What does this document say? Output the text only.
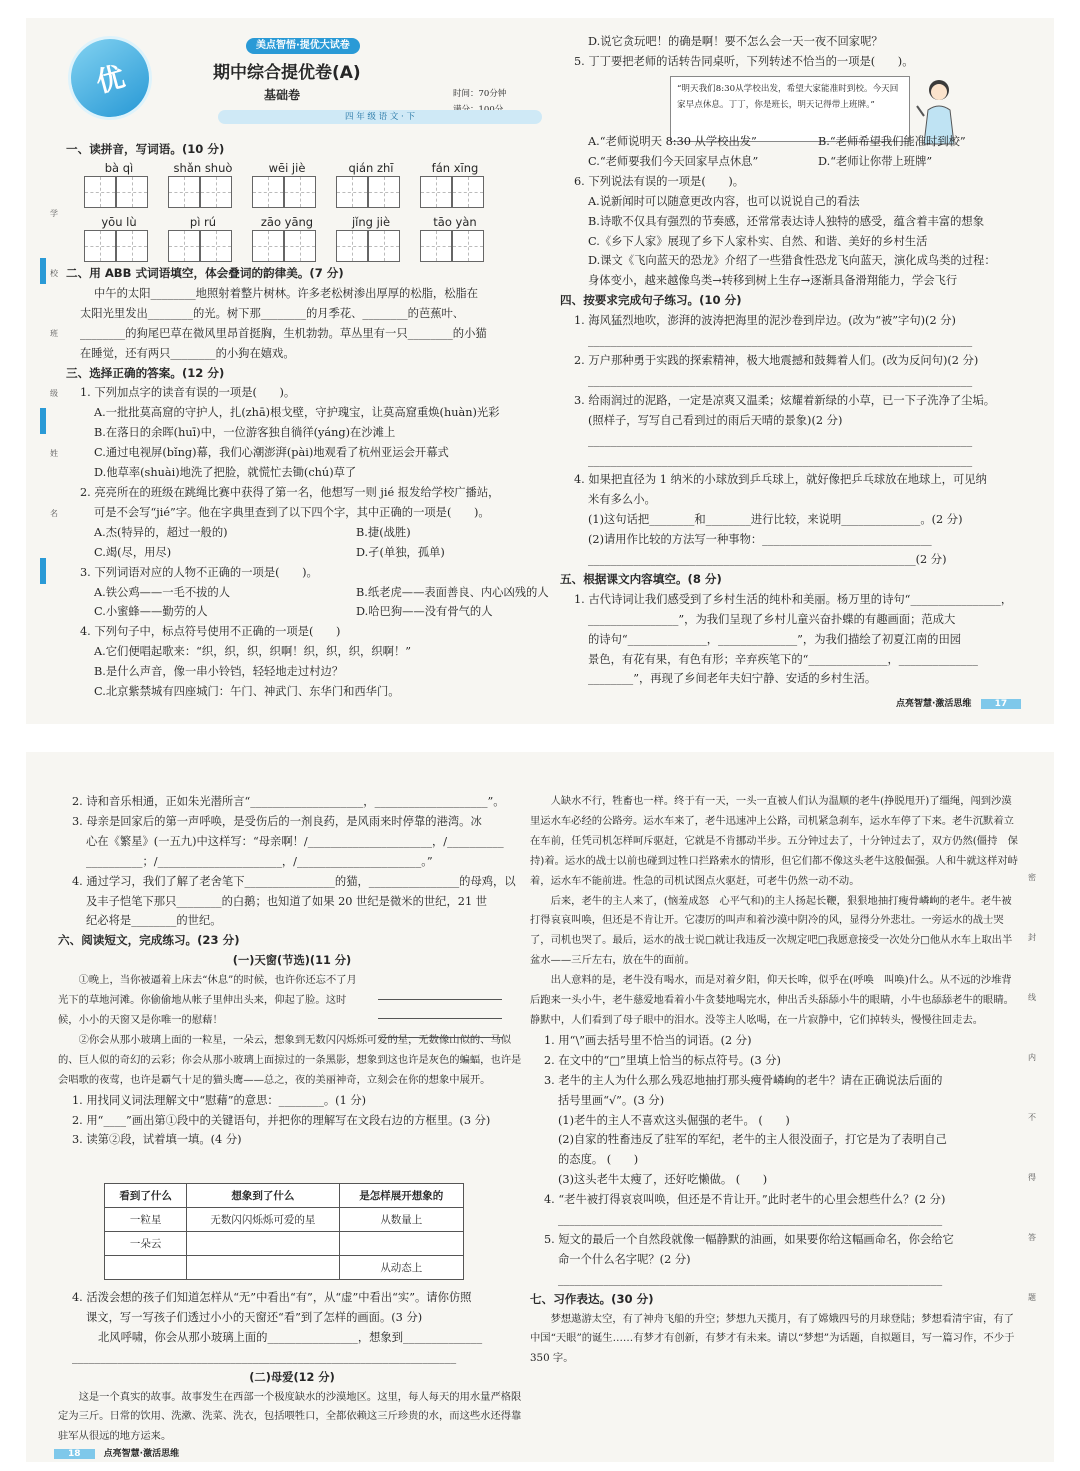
优
美点智悟·提优大试卷
期中综合提优卷(A)
基础卷	时间：70分钟
四 年 级 语 文 · 下
学
校
班
级
姓
名

一、读拼音，写词语。(10 分)

bà qì	shǎn shuò	wēi jiè	qián zhī	fán xīng
yōu lù	pì rú	zāo yāng	jǐng jiè	tāo yàn

二、用 ABB 式词语填空，体会叠词的韵律美。(7 分)

中午的太阳________地照射着整片树林。许多老松树渗出厚厚的松脂，松脂在

太阳光里发出________的光。树下那________的月季花、________的芭蕉叶、

________的狗尾巴草在微风里昂首挺胸，生机勃勃。草丛里有一只________的小猫

在睡觉，还有两只________的小狗在嬉戏。

三、选择正确的答案。(12 分)

1. 下列加点字的读音有误的一项是(　　)。

A.一批批莫高窟的守护人，扎(zhā)根戈壁，守护瑰宝，让莫高窟重焕(huàn)光彩

B.在落日的余晖(huī)中，一位游客独自徜徉(yáng)在沙滩上

C.通过电视屏(bǐng)幕，我们心潮澎湃(pài)地观看了杭州亚运会开幕式

D.他草率(shuài)地洗了把脸，就慌忙去锄(chú)草了

2. 亮亮所在的班级在跳绳比赛中获得了第一名，他想写一则 jié 报发给学校广播站，

可是不会写“jié”字。他在字典里查到了以下四个字，其中正确的一项是(　　)。

A.杰(特异的，超过一般的)	B.捷(战胜)

C.竭(尽，用尽)	D.孑(单独，孤单)

3. 下列词语对应的人物不正确的一项是(　　)。

A.铁公鸡——一毛不拔的人	B.纸老虎——表面善良、内心凶残的人

C.小蜜蜂——勤劳的人	D.哈巴狗——没有骨气的人

4. 下列句子中，标点符号使用不正确的一项是(　　)

A.它们便唱起歌来：“织，织，织，织啊！织，织，织，织啊！”

B.是什么声音，像一串小铃铛，轻轻地走过村边？

C.北京紫禁城有四座城门：午门、神武门、东华门和西华门。

D.说它贪玩吧！的确是啊！要不怎么会一天一夜不回家呢？

5. 丁丁要把老师的话转告同桌听，下列转述不恰当的一项是(　　)。

“明天我们8:30从学校出发，希望大家能准时到校。今天回家早点休息。丁丁，你是班长，明天记得带上班牌。”

A.“老师说明天 8:30 从学校出发”	B.“老师希望我们能准时到校”

C.“老师要我们今天回家早点休息”	D.“老师让你带上班牌”

6. 下列说法有误的一项是(　　)。

A.说新闻时可以随意更改内容，也可以说说自己的看法

B.诗歌不仅具有强烈的节奏感，还常常表达诗人独特的感受，蕴含着丰富的想象

C.《乡下人家》展现了乡下人家朴实、自然、和谐、美好的乡村生活

D.课文《飞向蓝天的恐龙》介绍了一些猎食性恐龙飞向蓝天，演化成鸟类的过程：

身体变小，越来越像鸟类→转移到树上生存→逐渐具备滑翔能力，学会飞行

四、按要求完成句子练习。(10 分)

1. 海风猛烈地吹，澎湃的波涛把海里的泥沙卷到岸边。(改为“被”字句)(2 分)

____________________________________________________________________

2. 万户那种勇于实践的探索精神，极大地震撼和鼓舞着人们。(改为反问句)(2 分)

____________________________________________________________________

3. 给雨润过的泥路，一定是凉爽又温柔；炫耀着新绿的小草，已一下子洗净了尘垢。

(照样子，写写自己看到过的雨后天晴的景象)(2 分)

____________________________________________________________________

____________________________________________________________________

4. 如果把直径为 1 纳米的小球放到乒乓球上，就好像把乒乓球放在地球上，可见纳

米有多么小。

(1)这句话把________和________进行比较，来说明______________。(2 分)

(2)请用作比较的方法写一种事物：______________________________

__________________________________________________________(2 分)

五、根据课文内容填空。(8 分)

1. 古代诗词让我们感受到了乡村生活的纯朴和美丽。杨万里的诗句“________________，

________________”，为我们呈现了乡村儿童兴奋扑蝶的有趣画面；范成大

的诗句“______________，______________”，为我们描绘了初夏江南的田园

景色，有花有果，有色有形；辛弃疾笔下的“______________，______________

________”，再现了乡间老年夫妇宁静、安适的乡村生活。

点亮智慧·激活思维	17

2. 诗和音乐相通，正如朱光潜所言“____________________，____________________”。

3. 母亲是回家后的第一声呼唤，是受伤后的一剂良药，是风雨来时停靠的港湾。冰

心在《繁星》(一五九)中这样写：“母亲啊！/______________________，/__________

__________；/______________________，/______________________。”

4. 通过学习，我们了解了老舍笔下________________的猫，________________的母鸡，以

及丰子恺笔下那只________的白鹅；也知道了如果 20 世纪是微米的世纪，21 世

纪必将是________的世纪。

六、阅读短文，完成练习。(23 分)

(一)天窗(节选)(11 分)

①晚上，当你被逼着上床去“休息”的时候，也许你还忘不了月光下的草地河滩。你偷偷地从帐子里伸出头来，仰起了脸。这时候，小小的天窗又是你唯一的慰藉！

②你会从那小玻璃上面的一粒星，一朵云，想象到无数闪闪烁烁可爱的星，无数像山似的、马似的、巨人似的奇幻的云彩；你会从那小玻璃上面掠过的一条黑影，想象到这也许是灰色的蝙蝠，也许是会唱歌的夜莺，也许是霸气十足的猫头鹰——总之，夜的美丽神奇，立刻会在你的想象中展开。

1. 用找同义词法理解文中“慰藉”的意思：________。(1 分)

2. 用“____”画出第①段中的关键语句，并把你的理解写在文段右边的方框里。(3 分)

3. 读第②段，试着填一填。(4 分)

看到了什么	想象到了什么	是怎样展开想象的
一粒星	无数闪闪烁烁可爱的星	从数量上
一朵云		
		从动态上

4. 活泼会想的孩子们知道怎样从“无”中看出“有”，从“虚”中看出“实”。请你仿照

课文，写一写孩子们透过小小的天窗还“看”到了怎样的画面。(3 分)

北风呼啸，你会从那小玻璃上面的________________，想象到______________

____________________________________________________________________

(二)母爱(12 分)

这是一个真实的故事。故事发生在西部一个极度缺水的沙漠地区。这里，每人每天的用水量严格限定为三斤。日常的饮用、洗漱、洗菜、洗衣，包括喂牲口，全都依赖这三斤珍贵的水，而这些水还得靠驻军从很远的地方运来。

人缺水不行，牲畜也一样。终于有一天，一头一直被人们认为温顺的老牛(挣脱甩开)了缰绳，闯到沙漠里运水车必经的公路旁。运水车来了，老牛迅速冲上公路，司机紧急刹车，运水车停了下来。老牛沉默着立在车前，任凭司机怎样呵斥驱赶，它就是不肯挪动半步。五分钟过去了，十分钟过去了，双方仍然(僵持　保持)着。运水的战士以前也碰到过牲口拦路索水的情形，但它们都不像这头老牛这般倔强。人和牛就这样对峙着，运水车不能前进。性急的司机试图点火驱赶，可老牛仍然一动不动。

后来，老牛的主人来了，(恼羞成怒　心平气和)的主人扬起长鞭，狠狠地抽打瘦骨嶙峋的老牛。老牛被打得哀哀叫唤，但还是不肯让开。它凄厉的叫声和着沙漠中阴冷的风，显得分外悲壮。一旁运水的战士哭了，司机也哭了。最后，运水的战士说□就让我违反一次规定吧□我愿意接受一次处分□他从水车上取出半盆水——三斤左右，放在牛的面前。

出人意料的是，老牛没有喝水，而是对着夕阳，仰天长哞，似乎在(呼唤　叫唤)什么。从不远的沙堆背后跑来一头小牛，老牛慈爱地看着小牛贪婪地喝完水，伸出舌头舔舔小牛的眼睛，小牛也舔舔老牛的眼睛。静默中，人们看到了母子眼中的泪水。没等主人吆喝，在一片寂静中，它们掉转头，慢慢往回走去。

1. 用“\”画去括号里不恰当的词语。(2 分)

2. 在文中的“□”里填上恰当的标点符号。(3 分)

3. 老牛的主人为什么那么残忍地抽打那头瘦骨嶙峋的老牛？请在正确说法后面的

括号里画“√”。(3 分)

(1)老牛的主人不喜欢这头倔强的老牛。 (　　)

(2)自家的牲畜违反了驻军的军纪，老牛的主人很没面子，打它是为了表明自己

的态度。 (　　)

(3)这头老牛太瘦了，还好吃懒做。 (　　)

4. “老牛被打得哀哀叫唤，但还是不肯让开。”此时老牛的心里会想些什么？(2 分)

____________________________________________________________________

5. 短文的最后一个自然段就像一幅静默的油画，如果要你给这幅画命名，你会给它

命一个什么名字呢？(2 分)

____________________________________________________________________

七、习作表达。(30 分)

梦想遨游太空，有了神舟飞船的升空；梦想九天揽月，有了嫦娥四号的月球登陆；梦想看清宇宙，有了中国“天眼”的诞生……有梦才有创新，有梦才有未来。请以“梦想”为话题，自拟题目，写一篇习作，不少于 350 字。

密
封
线
内
不
得
答
题
18	点亮智慧·激活思维
